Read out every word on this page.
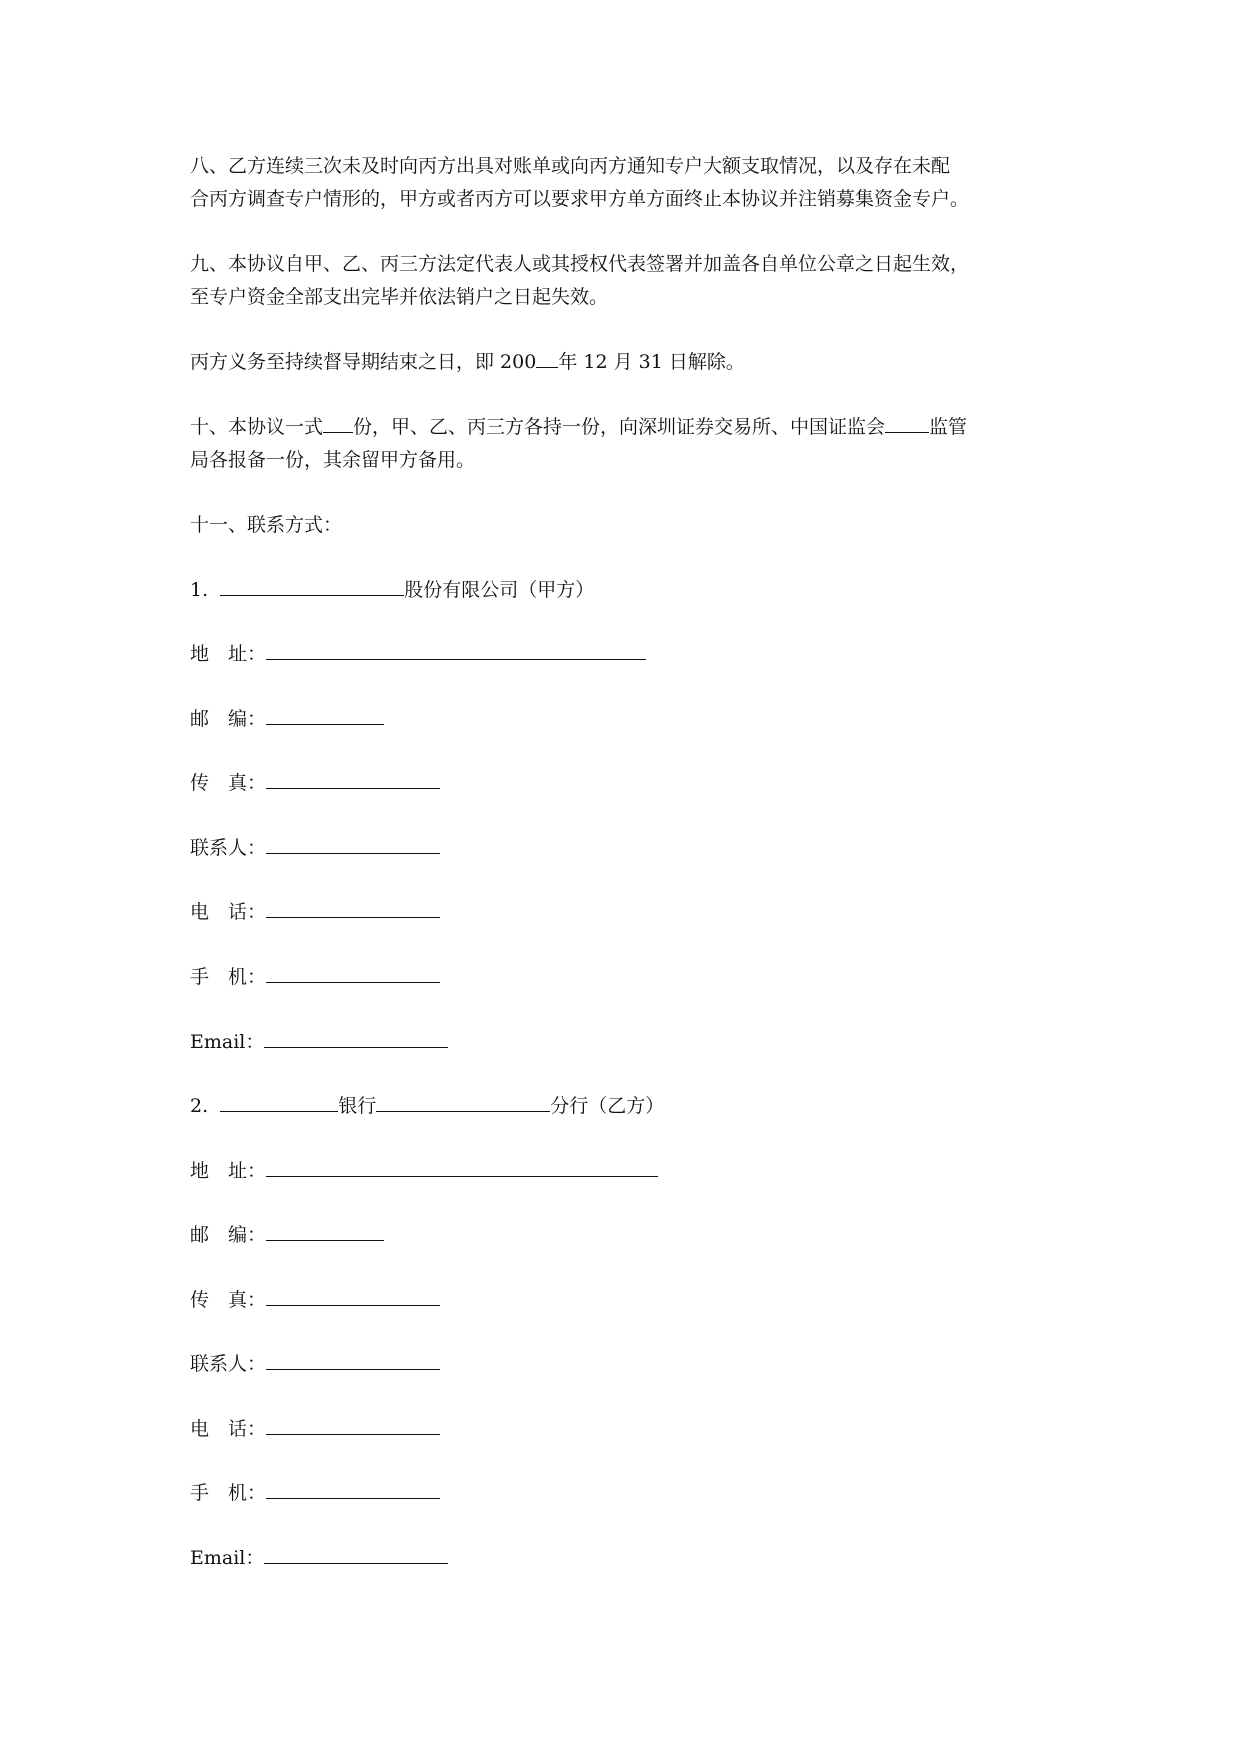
八、乙方连续三次未及时向丙方出具对账单或向丙方通知专户大额支取情况，以及存在未配
合丙方调查专户情形的，甲方或者丙方可以要求甲方单方面终止本协议并注销募集资金专户。
九、本协议自甲、乙、丙三方法定代表人或其授权代表签署并加盖各自单位公章之日起生效，
至专户资金全部支出完毕并依法销户之日起失效。
丙方义务至持续督导期结束之日，即 200 年 12 月 31 日解除。
十、本协议一式 份，甲、乙、丙三方各持一份，向深圳证券交易所、中国证监会 监管
局各报备一份，其余留甲方备用。
十一、联系方式：
1.	股份有限公司（甲方）
地　址：
邮　编：
传　真：
联系人：
电　话：
手　机：
Email：
2.	银行	分行（乙方）
地　址：
邮　编：
传　真：
联系人：
电　话：
手　机：
Email：
